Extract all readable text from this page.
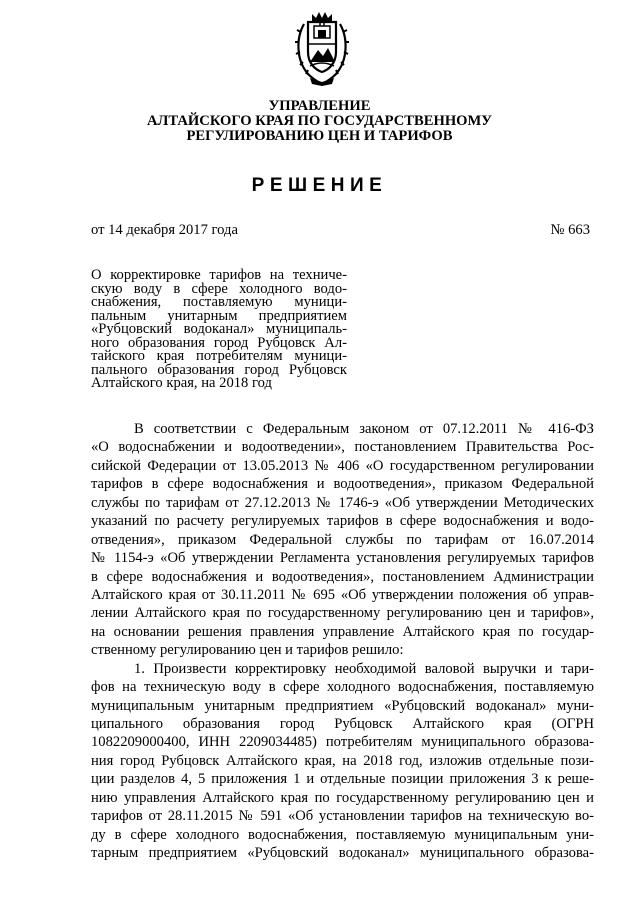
УПРАВЛЕНИЕ
АЛТАЙСКОГО КРАЯ ПО ГОСУДАРСТВЕННОМУ
РЕГУЛИРОВАНИЮ ЦЕН И ТАРИФОВ
РЕШЕНИЕ
от 14 декабря 2017 года	№ 663
О корректировке тарифов на техниче-
скую воду в сфере холодного водо-
снабжения, поставляемую муници-
пальным унитарным предприятием
«Рубцовский водоканал» муниципаль-
ного образования город Рубцовск Ал-
тайского края потребителям муници-
пального образования город Рубцовск
Алтайского края, на 2018 год
В соответствии с Федеральным законом от 07.12.2011 № 416-ФЗ
«О водоснабжении и водоотведении», постановлением Правительства Рос-
сийской Федерации от 13.05.2013 № 406 «О государственном регулировании
тарифов в сфере водоснабжения и водоотведения», приказом Федеральной
службы по тарифам от 27.12.2013 № 1746-э «Об утверждении Методических
указаний по расчету регулируемых тарифов в сфере водоснабжения и водо-
отведения», приказом Федеральной службы по тарифам от 16.07.2014
№ 1154-э «Об утверждении Регламента установления регулируемых тарифов
в сфере водоснабжения и водоотведения», постановлением Администрации
Алтайского края от 30.11.2011 № 695 «Об утверждении положения об управ-
лении Алтайского края по государственному регулированию цен и тарифов»,
на основании решения правления управление Алтайского края по государ-
ственному регулированию цен и тарифов решило:
1. Произвести корректировку необходимой валовой выручки и тари-
фов на техническую воду в сфере холодного водоснабжения, поставляемую
муниципальным унитарным предприятием «Рубцовский водоканал» муни-
ципального образования город Рубцовск Алтайского края (ОГРН
1082209000400, ИНН 2209034485) потребителям муниципального образова-
ния город Рубцовск Алтайского края, на 2018 год, изложив отдельные пози-
ции разделов 4, 5 приложения 1 и отдельные позиции приложения 3 к реше-
нию управления Алтайского края по государственному регулированию цен и
тарифов от 28.11.2015 № 591 «Об установлении тарифов на техническую во-
ду в сфере холодного водоснабжения, поставляемую муниципальным уни-
тарным предприятием «Рубцовский водоканал» муниципального образова-
